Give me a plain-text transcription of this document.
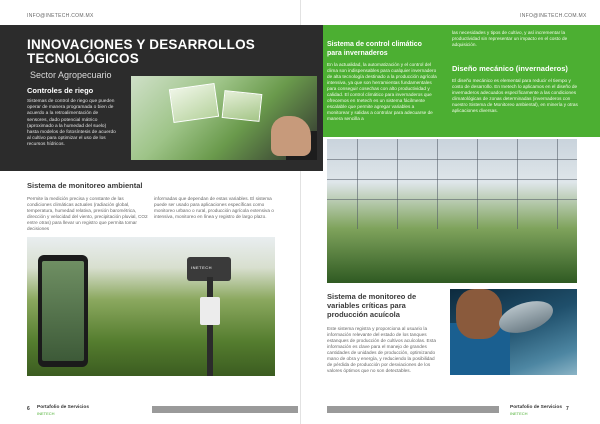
INFO@INETECH.COM.MX	INFO@INETECH.COM.MX
INNOVACIONES Y DESARROLLOS TECNOLÓGICOS
Sector Agropecuario
Controles de riego
Sistemas de control de riego que pueden operar de manera programada o bien de acuerdo a la retroalimentación de sensores, dado potencial mátrico (aproximado a la humedad del suelo) hasta modelos de fotosíntesis de acuerdo al cultivo para optimizar el uso de los recursos hídricos.
Sistema de control climático para invernaderos
En la actualidad, la automatización y el control del clima son indispensables para cualquier invernadero de alta tecnología destinado a la producción agrícola intensiva, ya que son herramientas fundamentales para conseguir cosechas con alto productividad y calidad. El control climático para invernaderos que ofrecemos en Inetech es un sistema fácilmente escalable que permite agregar variables a monitorear y salidas a controlar para adecuarse de manera sencilla a
las necesidades y tipos de cultivo, y así incrementar la productividad sin representar un impacto en el costo de adquisición.
Diseño mecánico (invernaderos)
El diseño mecánico es elemental para reducir el tiempo y costo de desarrollo. En Inetech lo aplicamos en el diseño de invernaderos adecuados específicamente a las condiciones climatológicas de zonas determinadas (invernaderos con nuestro Sistema de Monitoreo ambiental), en minería y otras aplicaciones diversas.
Sistema de monitoreo ambiental
Permite la medición precisa y constante de las condiciones climáticas actuales (radiación global, temperatura, humedad relativa, presión barométrica, dirección y velocidad del viento, precipitación pluvial, CO2 entre otras) para llevar un registro que permita tomar decisiones
informadas que dependan de estas variables. El sistema puede ser usado para aplicaciones específicas como monitoreo urbano o rural, producción agrícola extensiva o intensiva, monitoreo en línea y registro de largo plazo.
INETECH
Sistema de monitoreo de variables críticas para producción acuícola
Este sistema registra y proporciona al usuario la información relevante del estado de los tanques estanques de producción de cultivos acuícolas. Esta información es clave para el manejo de grandes cantidades de unidades de producción, optimizando mano de obra y energía, y reduciendo la posibilidad de pérdida de producción por desviaciones de los valores óptimos que no son detectables.
6 Portafolio de Servicios
INETECH
Portafolio de Servicios
INETECH
7
